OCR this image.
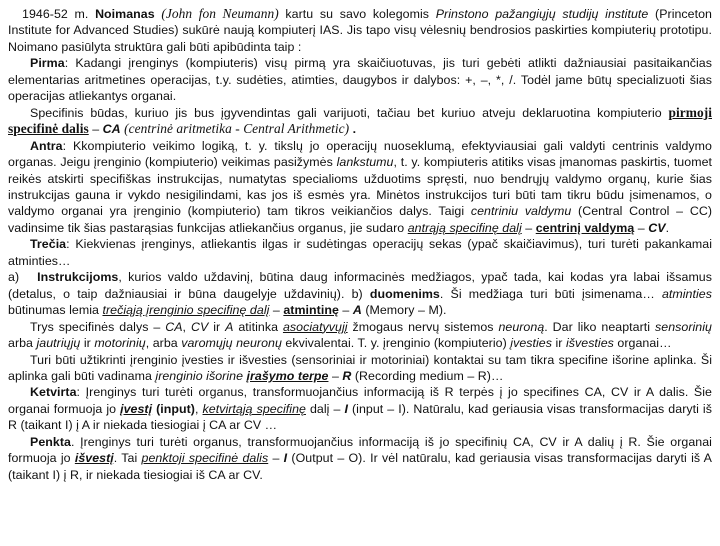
1946-52 m. Noimanas (John fon Neumann) kartu su savo kolegomis Prinstono pažangiųjų studijų institute (Princeton Institute for Advanced Studies) sukūrė naują kompiuterį IAS. Jis tapo visų vėlesnių bendrosios paskirties kompiuterių prototipu. Noimano pasiūlyta struktūra gali būti apibūdinta taip :

Pirma: Kadangi įrenginys (kompiuteris) visų pirmą yra skaičiuotuvas, jis turi gebėti atlikti dažniausiai pasitaikančias elementarias aritmetines operacijas, t.y. sudėties, atimties, daugybos ir dalybos: +, –, *, /. Todėl jame būtų specializuoti šias operacijas atliekantys organai.

Specifinis būdas, kuriuo jis bus įgyvendintas gali varijuoti, tačiau bet kuriuo atveju deklaruotina kompiuterio pirmoji specifinė dalis – CA (centrinė aritmetika - Central Arithmetic) .

Antra: Kkompiuterio veikimo logiką, t. y. tikslų jo operacijų nuoseklumą, efektyviausiai gali valdyti centrinis valdymo organas. Jeigu įrenginio (kompiuterio) veikimas pasižymės lankstumu, t. y. kompiuteris atitiks visas įmanomas paskirtis, tuomet reikės atskirti specifiškas instrukcijas, numatytas specialioms užduotims spręsti, nuo bendrųjų valdymo organų, kurie šias instrukcijas gauna ir vykdo nesigilindami, kas jos iš esmės yra. Minėtos instrukcijos turi būti tam tikru būdu įsimenamos, o valdymo organai yra įrenginio (kompiuterio) tam tikros veikiančios dalys. Taigi centriniu valdymu (Central Control – CC) vadinsime tik šias pastarąsias funkcijas atliekančius organus, jie sudaro antrąją specifinę dalį – centrinį valdymą – CV.

Trečia: Kiekvienas įrenginys, atliekantis ilgas ir sudėtingas operacijų sekas (ypač skaičiavimus), turi turėti pakankamai atminties…

a) Instrukcijoms, kurios valdo uždavinį, būtina daug informacinės medžiagos, ypač tada, kai kodas yra labai išsamus (detalus, o taip dažniausiai ir būna daugelyje uždavinių). b) duomenims. Ši medžiaga turi būti įsimenama… atminties būtinumas lemia trečiąją įrenginio specifinę dalį – atmintinę – A (Memory – M).

Trys specifinės dalys – CA, CV ir A atitinka asociatyvųjį žmogaus nervų sistemos neuroną. Dar liko neaptarti sensorinių arba jautriųjų ir motorinių, arba varomųjų neuronų ekvivalentai. T. y. įrenginio (kompiuterio) įvesties ir išvesties organai…

Turi būti užtikrinti įrenginio įvesties ir išvesties (sensoriniai ir motoriniai) kontaktai su tam tikra specifine išorine aplinka. Ši aplinka gali būti vadinama įrenginio išorine įrašymo terpe – R (Recording medium – R)…

Ketvirta: Įrenginys turi turėti organus, transformuojančius informaciją iš R terpės į jo specifines CA, CV ir A dalis. Šie organai formuoja jo įvestį (input), ketvirtąją specifinę dalį – I (input – I). Natūralu, kad geriausia visas transformacijas daryti iš R (taikant I) į A ir niekada tiesiogiai į CA ar CV …

Penkta. Įrenginys turi turėti organus, transformuojančius informaciją iš jo specifinių CA, CV ir A dalių į R. Šie organai formuoja jo išvestį. Tai penktoji specifinė dalis – I (Output – O). Ir vėl natūralu, kad geriausia visas transformacijas daryti iš A (taikant I) į R, ir niekada tiesiogiai iš CA ar CV.
